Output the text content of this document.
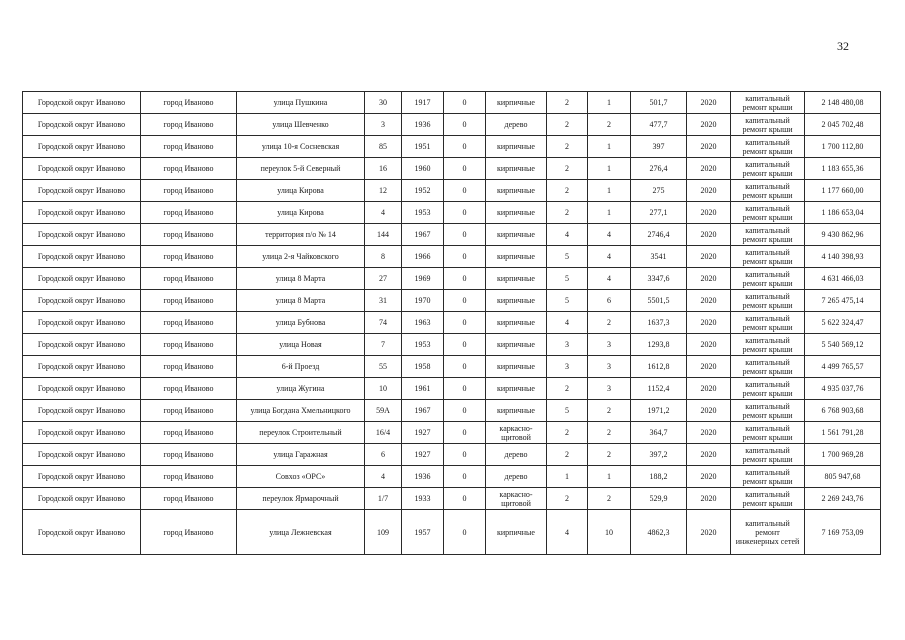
32
Городской округ Иваново	город Иваново	улица Пушкина	30	1917	0	кирпичные	2	1	501,7	2020	капитальный ремонт крыши	2 148 480,08
Городской округ Иваново	город Иваново	улица Шевченко	3	1936	0	дерево	2	2	477,7	2020	капитальный ремонт крыши	2 045 702,48
Городской округ Иваново	город Иваново	улица 10-я Сосневская	85	1951	0	кирпичные	2	1	397	2020	капитальный ремонт крыши	1 700 112,80
Городской округ Иваново	город Иваново	переулок 5-й Северный	16	1960	0	кирпичные	2	1	276,4	2020	капитальный ремонт крыши	1 183 655,36
Городской округ Иваново	город Иваново	улица Кирова	12	1952	0	кирпичные	2	1	275	2020	капитальный ремонт крыши	1 177 660,00
Городской округ Иваново	город Иваново	улица Кирова	4	1953	0	кирпичные	2	1	277,1	2020	капитальный ремонт крыши	1 186 653,04
Городской округ Иваново	город Иваново	территория п/о № 14	144	1967	0	кирпичные	4	4	2746,4	2020	капитальный ремонт крыши	9 430 862,96
Городской округ Иваново	город Иваново	улица 2-я Чайковского	8	1966	0	кирпичные	5	4	3541	2020	капитальный ремонт крыши	4 140 398,93
Городской округ Иваново	город Иваново	улица 8 Марта	27	1969	0	кирпичные	5	4	3347,6	2020	капитальный ремонт крыши	4 631 466,03
Городской округ Иваново	город Иваново	улица 8 Марта	31	1970	0	кирпичные	5	6	5501,5	2020	капитальный ремонт крыши	7 265 475,14
Городской округ Иваново	город Иваново	улица Бубнова	74	1963	0	кирпичные	4	2	1637,3	2020	капитальный ремонт крыши	5 622 324,47
Городской округ Иваново	город Иваново	улица Новая	7	1953	0	кирпичные	3	3	1293,8	2020	капитальный ремонт крыши	5 540 569,12
Городской округ Иваново	город Иваново	6-й Проезд	55	1958	0	кирпичные	3	3	1612,8	2020	капитальный ремонт крыши	4 499 765,57
Городской округ Иваново	город Иваново	улица Жугина	10	1961	0	кирпичные	2	3	1152,4	2020	капитальный ремонт крыши	4 935 037,76
Городской округ Иваново	город Иваново	улица Богдана Хмельницкого	59А	1967	0	кирпичные	5	2	1971,2	2020	капитальный ремонт крыши	6 768 903,68
Городской округ Иваново	город Иваново	переулок Строительный	16/4	1927	0	каркасно-щитовой	2	2	364,7	2020	капитальный ремонт крыши	1 561 791,28
Городской округ Иваново	город Иваново	улица Гаражная	6	1927	0	дерево	2	2	397,2	2020	капитальный ремонт крыши	1 700 969,28
Городской округ Иваново	город Иваново	Совхоз «ОРС»	4	1936	0	дерево	1	1	188,2	2020	капитальный ремонт крыши	805 947,68
Городской округ Иваново	город Иваново	переулок Ярмарочный	1/7	1933	0	каркасно-щитовой	2	2	529,9	2020	капитальный ремонт крыши	2 269 243,76
Городской округ Иваново	город Иваново	улица Лежневская	109	1957	0	кирпичные	4	10	4862,3	2020	капитальный ремонт инженерных сетей	7 169 753,09
